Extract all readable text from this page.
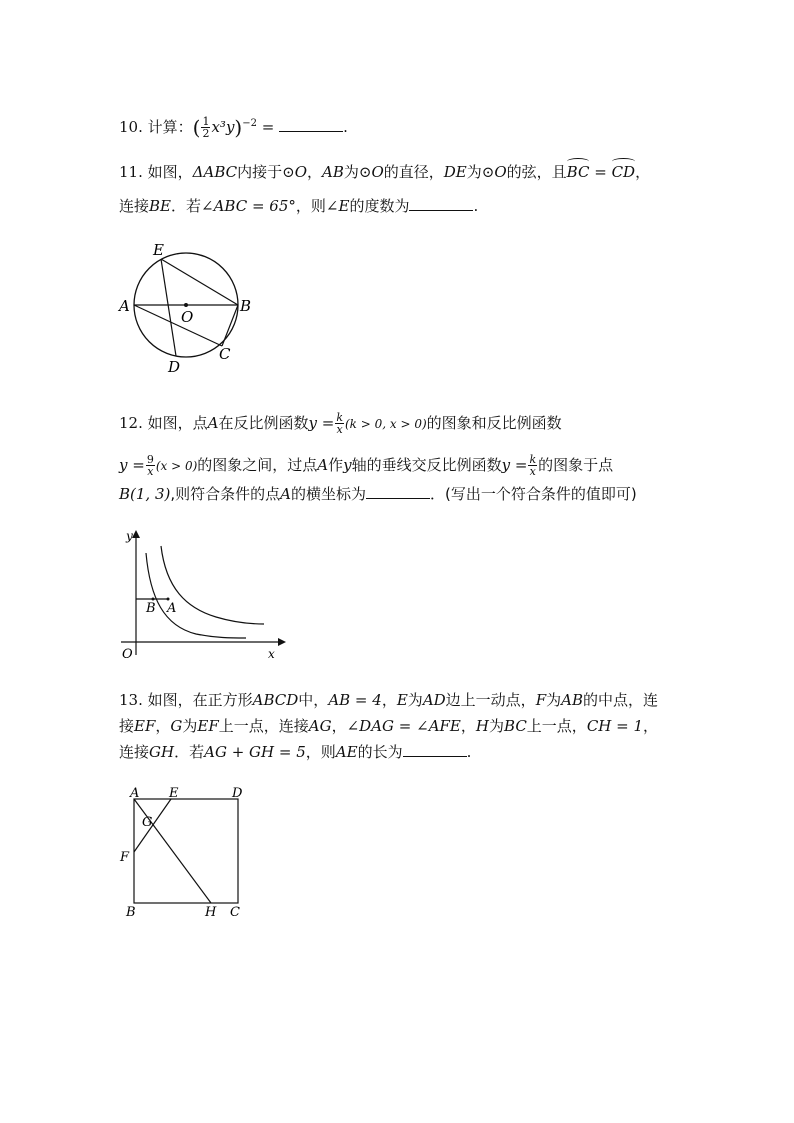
10. 计算：( $\frac{1}{2} x^3y)^{-2}$ =	.
11. 如图，ΔABC内接于⊙O，AB为⊙O的直径，DE为⊙O的弦，且BC = CD，
连接BE．若∠ABC = 65°，则∠E的度数为	.
E
A
O
B
C
D
12. 如图，点A在反比例函数$y = \frac{k}{x} (k > 0$, x > 0)的图象和反比例函数
$y = \frac{9}{x} (x > 0)$的图象之间，过点A作y轴的垂线交反比例函数$y = \frac{k}{x}$ 的图象于点
B(1, 3),则符合条件的点A的横坐标为	．(写出一个符合条件的值即可)
y
x
O
B A
13. 如图，在正方形ABCD中，AB = 4，E为AD边上一动点，F为AB的中点，连
接EF，G为EF上一点，连接AG，∠DAG = ∠AFE，H为BC上一点，CH = 1，
连接GH．若AG + GH = 5，则AE的长为	.
A E	D
G
F
B	H C
